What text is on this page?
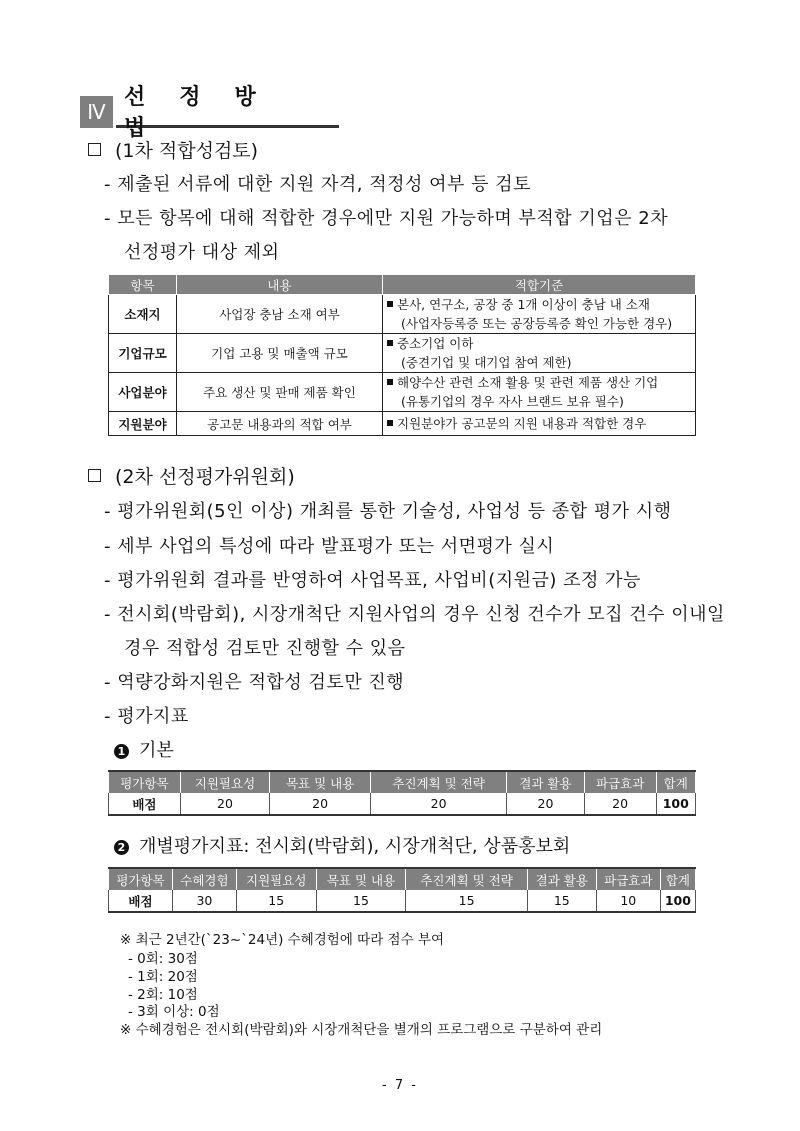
Ⅳ
선정방법
(1차 적합성검토)
- 제출된 서류에 대한 지원 자격, 적정성 여부 등 검토
- 모든 항목에 대해 적합한 경우에만 지원 가능하며 부적합 기업은 2차
선정평가 대상 제외
항목	내용	적합기준
소재지	사업장 충남 소재 여부	본사, 연구소, 공장 중 1개 이상이 충남 내 소재
(사업자등록증 또는 공장등록증 확인 가능한 경우)

기업규모	기업 고용 및 매출액 규모	중소기업 이하
(중견기업 및 대기업 참여 제한)

사업분야	주요 생산 및 판매 제품 확인	해양수산 관련 소재 활용 및 관련 제품 생산 기업
(유통기업의 경우 자사 브랜드 보유 필수)

지원분야	공고문 내용과의 적합 여부	지원분야가 공고문의 지원 내용과 적합한 경우
(2차 선정평가위원회)
- 평가위원회(5인 이상) 개최를 통한 기술성, 사업성 등 종합 평가 시행
- 세부 사업의 특성에 따라 발표평가 또는 서면평가 실시
- 평가위원회 결과를 반영하여 사업목표, 사업비(지원금) 조정 가능
- 전시회(박람회), 시장개척단 지원사업의 경우 신청 건수가 모집 건수 이내일
경우 적합성 검토만 진행할 수 있음
- 역량강화지원은 적합성 검토만 진행
- 평가지표
1 기본
평가항목	지원필요성	목표 및 내용	추진계획 및 전략	결과 활용	파급효과	합계
배점	20	20	20	20	20	100
2 개별평가지표: 전시회(박람회), 시장개척단, 상품홍보회
평가항목	수혜경험	지원필요성	목표 및 내용	추진계획 및 전략	결과 활용	파급효과	합계
배점	30	15	15	15	15	10	100
※ 최근 2년간(`23~`24년) 수혜경험에 따라 점수 부여
- 0회: 30점
- 1회: 20점
- 2회: 10점
- 3회 이상: 0점
※ 수혜경험은 전시회(박람회)와 시장개척단을 별개의 프로그램으로 구분하여 관리
- 7 -
